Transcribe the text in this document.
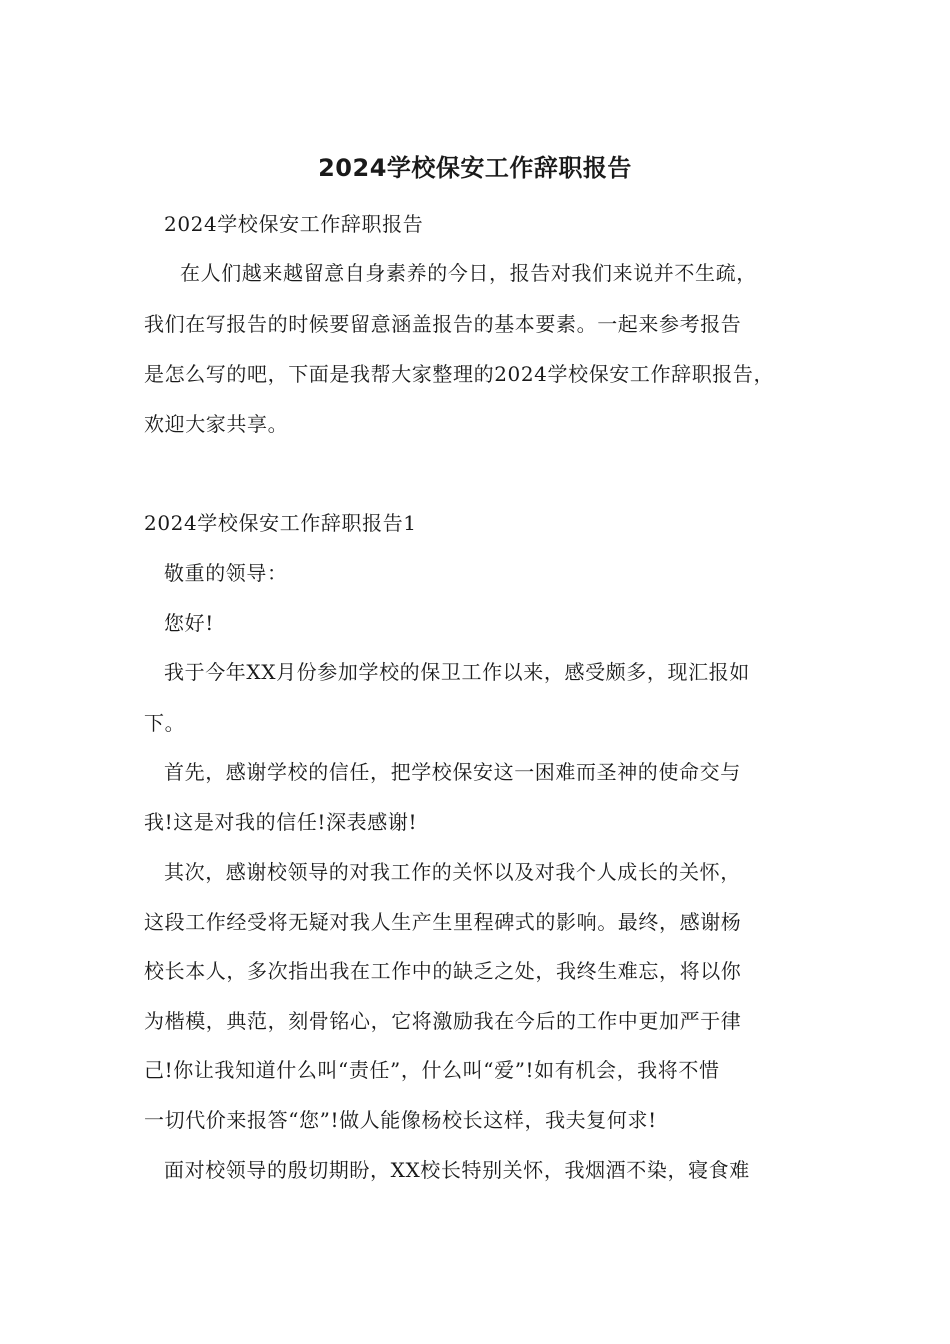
2024学校保安工作辞职报告
2024学校保安工作辞职报告
在人们越来越留意自身素养的今日，报告对我们来说并不生疏，
我们在写报告的时候要留意涵盖报告的基本要素。一起来参考报告
是怎么写的吧，下面是我帮大家整理的2024学校保安工作辞职报告，
欢迎大家共享。
2024学校保安工作辞职报告1
敬重的领导：
您好!
我于今年XX月份参加学校的保卫工作以来，感受颇多，现汇报如
下。
首先，感谢学校的信任，把学校保安这一困难而圣神的使命交与
我!这是对我的信任!深表感谢!
其次，感谢校领导的对我工作的关怀以及对我个人成长的关怀，
这段工作经受将无疑对我人生产生里程碑式的影响。最终，感谢杨
校长本人，多次指出我在工作中的缺乏之处，我终生难忘，将以你
为楷模，典范，刻骨铭心，它将激励我在今后的工作中更加严于律
己!你让我知道什么叫“责任”，什么叫“爱”!如有机会，我将不惜
一切代价来报答“您”!做人能像杨校长这样，我夫复何求!
面对校领导的殷切期盼，XX校长特别关怀，我烟酒不染，寝食难
